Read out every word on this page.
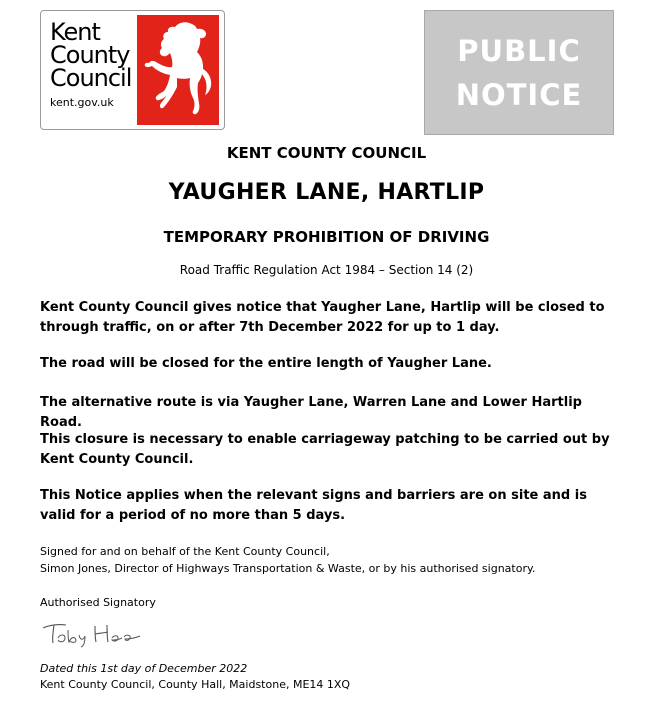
Kent
County
Council
kent.gov.uk
PUBLIC
NOTICE
KENT COUNTY COUNCIL
YAUGHER LANE, HARTLIP
TEMPORARY PROHIBITION OF DRIVING
Road Traffic Regulation Act 1984 – Section 14 (2)
Kent County Council gives notice that Yaugher Lane, Hartlip will be closed to through traffic, on or after 7th December 2022 for up to 1 day.
The road will be closed for the entire length of Yaugher Lane.
The alternative route is via Yaugher Lane, Warren Lane and Lower Hartlip Road.
This closure is necessary to enable carriageway patching to be carried out by Kent County Council.
This Notice applies when the relevant signs and barriers are on site and is valid for a period of no more than 5 days.
Signed for and on behalf of the Kent County Council,
Simon Jones, Director of Highways Transportation & Waste, or by his authorised signatory.
Authorised Signatory
Dated this 1st day of December 2022
Kent County Council, County Hall, Maidstone, ME14 1XQ
